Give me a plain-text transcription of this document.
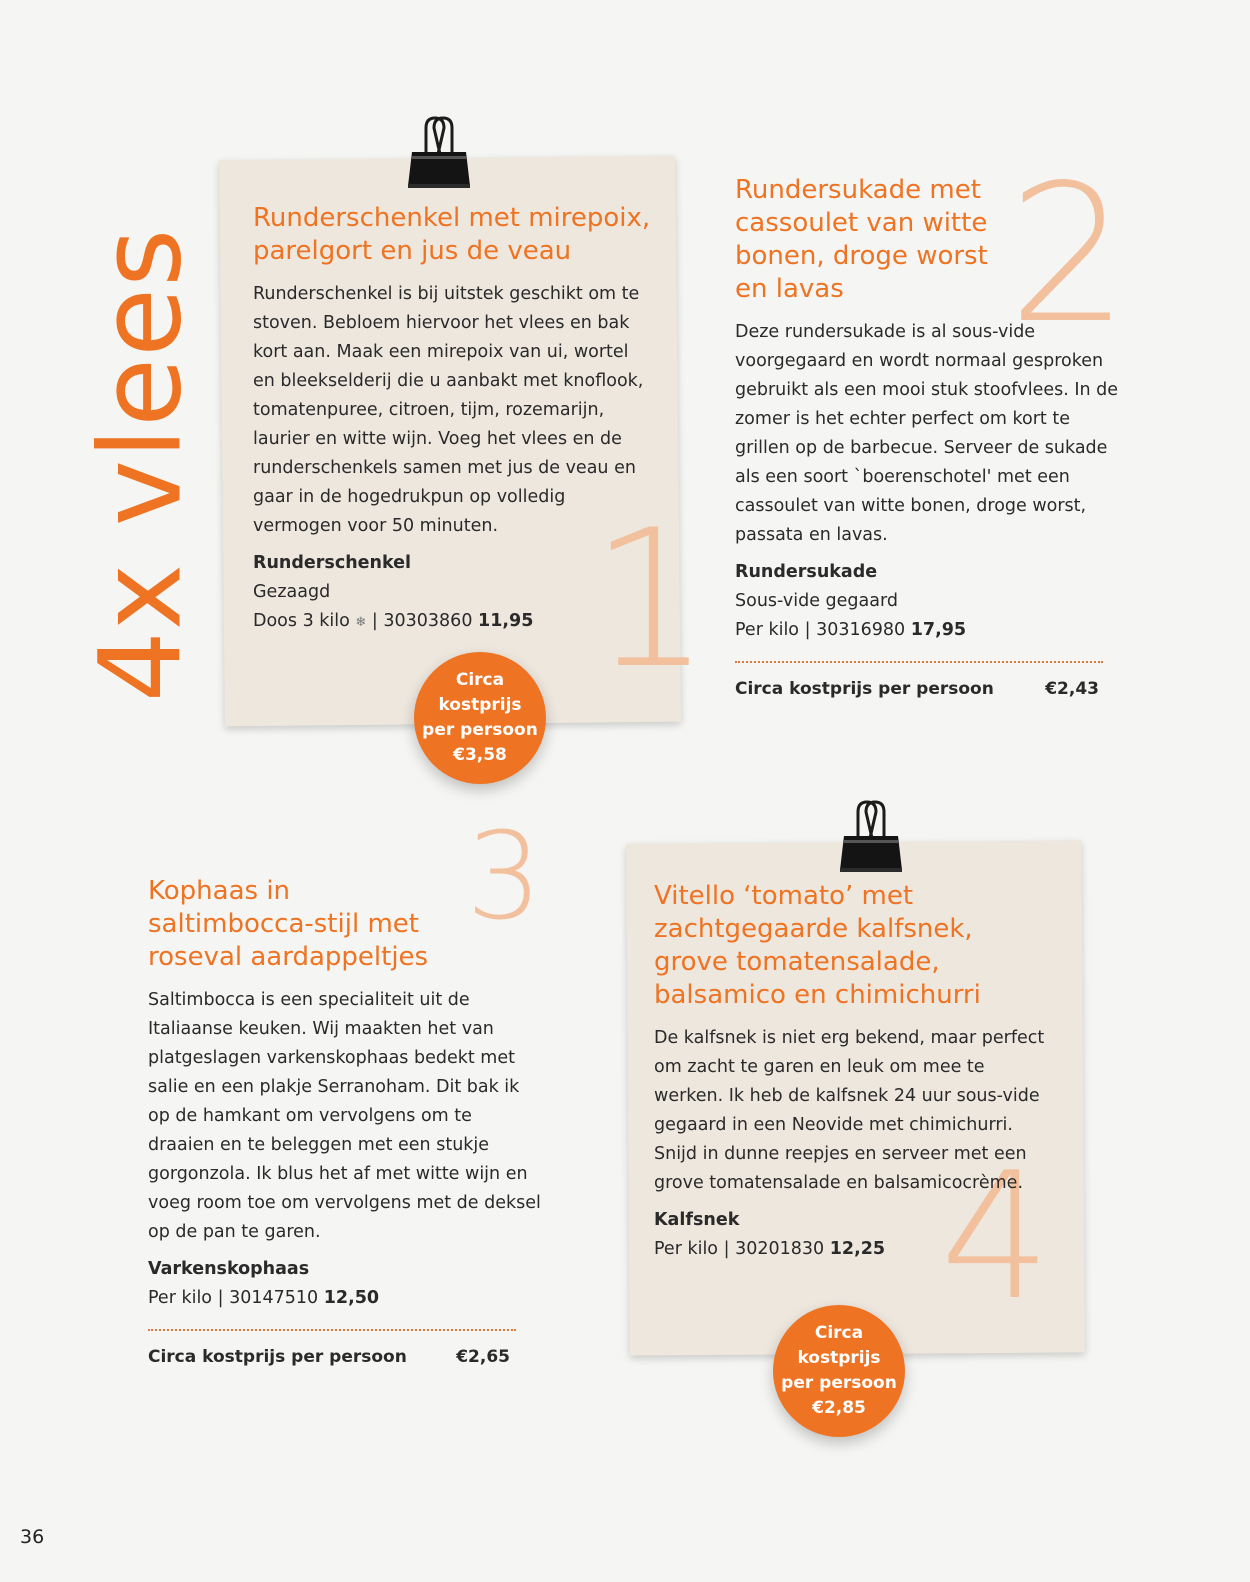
4x vlees 1
Runderschenkel met mirepoix, parelgort en jus de veau

Runderschenkel is bij uitstek geschikt om te stoven. Bebloem hiervoor het vlees en bak kort aan. Maak een mirepoix van ui, wortel en bleekselderij die u aanbakt met knoflook, tomatenpuree, citroen, tijm, rozemarijn, laurier en witte wijn. Voeg het vlees en de runderschenkels samen met jus de veau en gaar in de hogedrukpun op volledig vermogen voor 50 minuten.

Runderschenkel
Gezaagd
Doos 3 kilo ❄ | 30303860 11,95
Circa
kostprijs
per persoon
€3,58
2
Rundersukade met cassoulet van witte bonen, droge worst en lavas

Deze rundersukade is al sous-vide voorgegaard en wordt normaal gesproken gebruikt als een mooi stuk stoofvlees. In de zomer is het echter perfect om kort te grillen op de barbecue. Serveer de sukade als een soort `boerenschotel' met een cassoulet van witte bonen, droge worst, passata en lavas.

Rundersukade
Sous-vide gegaard
Per kilo | 30316980 17,95
Circa kostprijs per persoon	€2,43
3
Kophaas in saltimbocca-stijl met roseval aardappeltjes

Saltimbocca is een specialiteit uit de Italiaanse keuken. Wij maakten het van platgeslagen varkenskophaas bedekt met salie en een plakje Serranoham. Dit bak ik op de hamkant om vervolgens om te draaien en te beleggen met een stukje gorgonzola. Ik blus het af met witte wijn en voeg room toe om vervolgens met de deksel op de pan te garen.

Varkenskophaas
Per kilo | 30147510 12,50
Circa kostprijs per persoon	€2,65
4
Vitello ‘tomato’ met zachtgegaarde kalfsnek, grove tomatensalade, balsamico en chimichurri

De kalfsnek is niet erg bekend, maar perfect om zacht te garen en leuk om mee te werken. Ik heb de kalfsnek 24 uur sous-vide gegaard in een Neovide met chimichurri. Snijd in dunne reepjes en serveer met een grove tomatensalade en balsamicocrème.

Kalfsnek
Per kilo | 30201830 12,25
Circa
kostprijs
per persoon
€2,85
36
